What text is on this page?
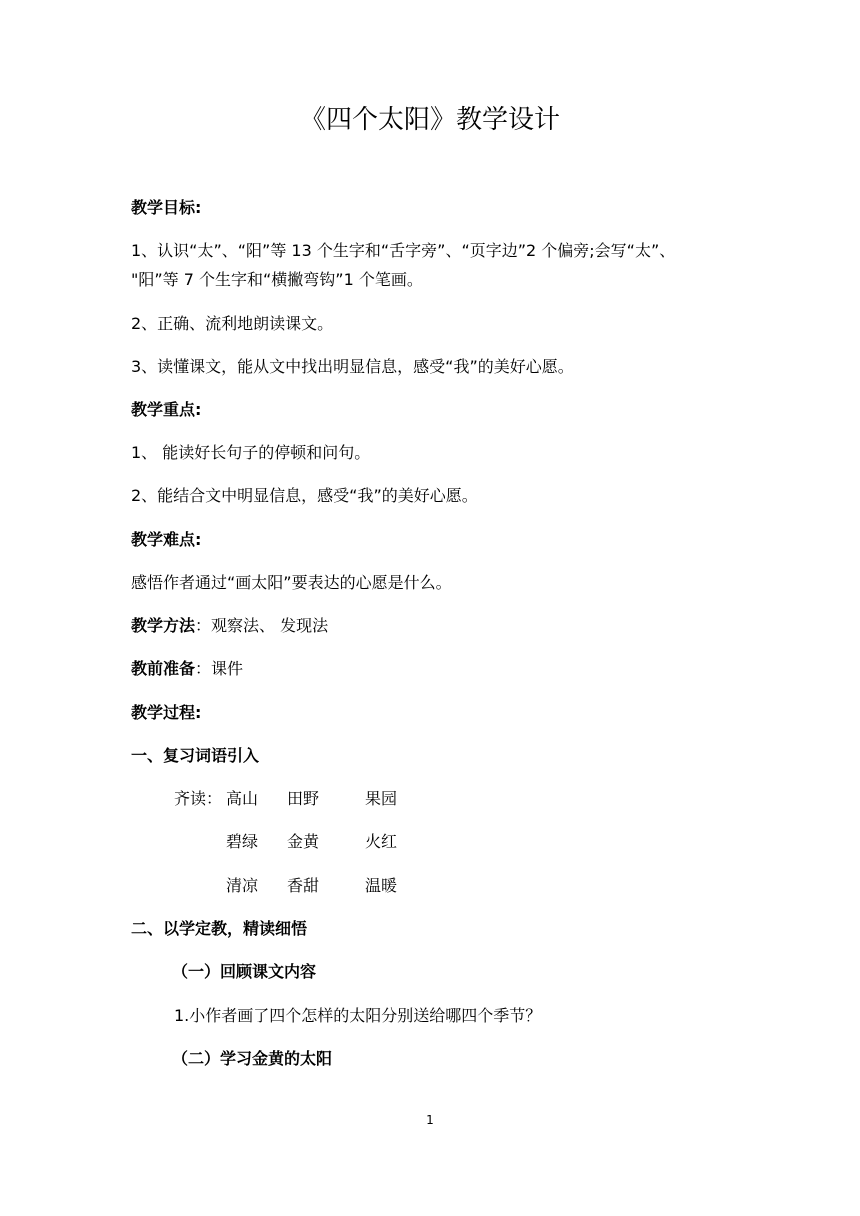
《四个太阳》教学设计
教学目标:
1、认识“太”、“阳”等 13 个生字和“舌字旁”、“页字边”2 个偏旁;会写“太”、
"阳”等 7 个生字和“横撇弯钩”1 个笔画。
2、正确、流利地朗读课文。
3、读懂课文，能从文中找出明显信息，感受“我”的美好心愿。
教学重点:
1、 能读好长句子的停顿和问句。
2、能结合文中明显信息，感受“我”的美好心愿。
教学难点:
感悟作者通过“画太阳”要表达的心愿是什么。
教学方法：观察法、 发现法
教前准备：课件
教学过程:
一、复习词语引入
齐读： 高山 田野	果园
碧绿 金黄	火红
清凉 香甜	温暖
二、以学定教，精读细悟
（一）回顾课文内容
1.小作者画了四个怎样的太阳分别送给哪四个季节？
（二）学习金黄的太阳
1
